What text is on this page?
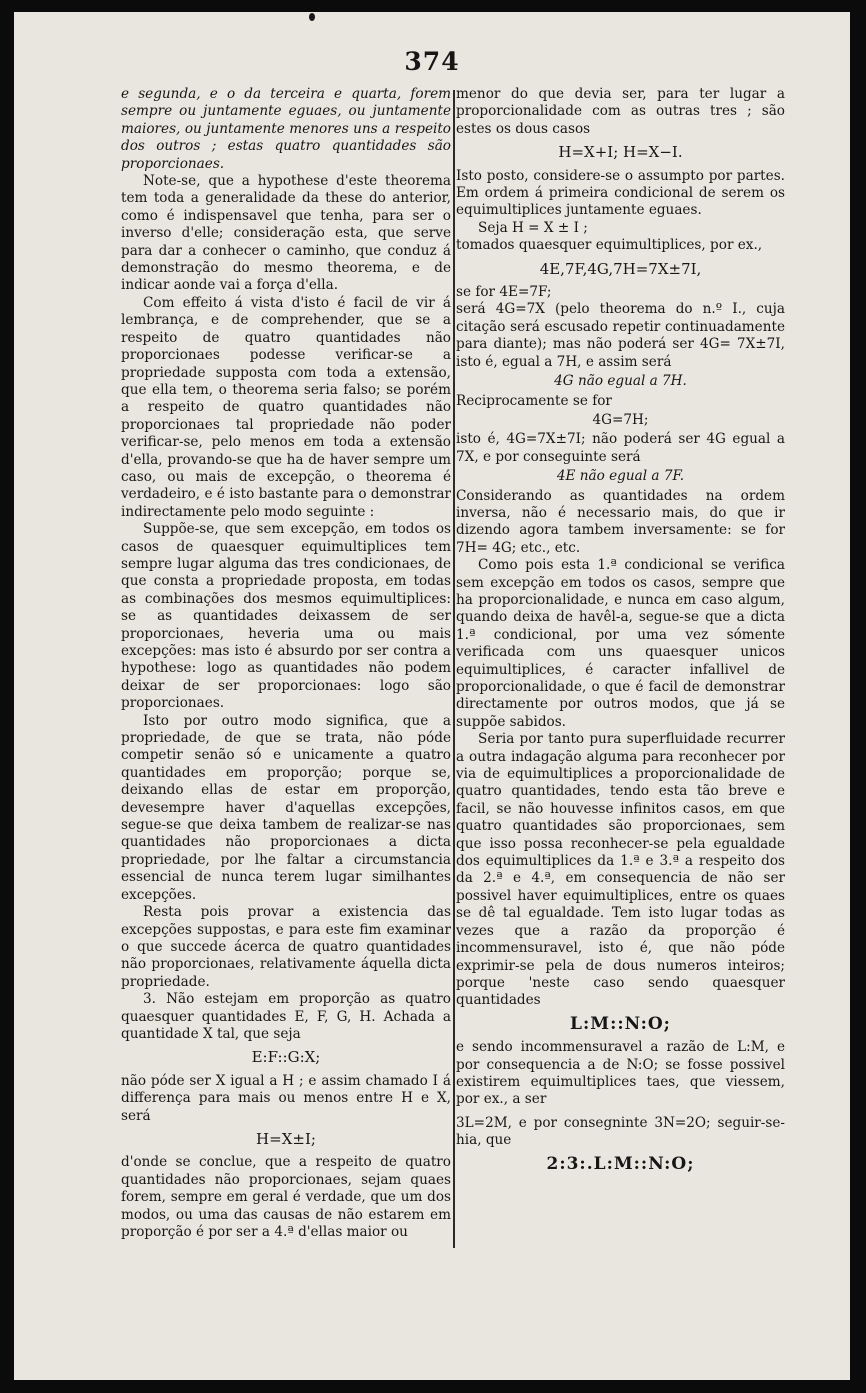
374

e segunda, e o da terceira e quarta, forem sempre ou juntamente eguaes, ou juntamente maiores, ou juntamente menores uns a respeito dos outros ; estas quatro quantidades são proporcionaes.

Note-se, que a hypothese d'este theorema tem toda a generalidade da these do anterior, como é indispensavel que tenha, para ser o inverso d'elle; consideração esta, que serve para dar a conhecer o caminho, que conduz á demonstração do mesmo theorema, e de indicar aonde vai a força d'ella.

Com effeito á vista d'isto é facil de vir á lembrança, e de comprehender, que se a respeito de quatro quantidades não proporcionaes podesse verificar-se a propriedade supposta com toda a extensão, que ella tem, o theorema seria falso; se porém a respeito de quatro quantidades não proporcionaes tal propriedade não poder verificar-se, pelo menos em toda a extensão d'ella, provando-se que ha de haver sempre um caso, ou mais de excepção, o theorema é verdadeiro, e é isto bastante para o demonstrar indirectamente pelo modo seguinte :

Suppõe-se, que sem excepção, em todos os casos de quaesquer equimultiplices tem sempre lugar alguma das tres condicionaes, de que consta a propriedade proposta, em todas as combinações dos mesmos equimultiplices: se as quantidades deixassem de ser proporcionaes, heveria uma ou mais excepções: mas isto é absurdo por ser contra a hypothese: logo as quantidades não podem deixar de ser proporcionaes: logo são proporcionaes.

Isto por outro modo significa, que a propriedade, de que se trata, não póde competir senão só e unicamente a quatro quantidades em proporção; porque se, deixando ellas de estar em proporção, devesempre haver d'aquellas excepções, segue-se que deixa tambem de realizar-se nas quantidades não proporcionaes a dicta propriedade, por lhe faltar a circumstancia essencial de nunca terem lugar similhantes excepções.

Resta pois provar a existencia das excepções suppostas, e para este fim examinar o que succede ácerca de quatro quantidades não proporcionaes, relativamente áquella dicta propriedade.

3. Não estejam em proporção as quatro quaesquer quantidades E, F, G, H. Achada a quantidade X tal, que seja

E:F::G:X;

não póde ser X igual a H ; e assim chamado I á differença para mais ou menos entre H e X, será

H=X±I;

d'onde se conclue, que a respeito de quatro quantidades não proporcionaes, sejam quaes forem, sempre em geral é verdade, que um dos modos, ou uma das causas de não estarem em proporção é por ser a 4.ª d'ellas maior ou

menor do que devia ser, para ter lugar a proporcionalidade com as outras tres ; são estes os dous casos

H=X+I; H=X−I.

Isto posto, considere-se o assumpto por partes. Em ordem á primeira condicional de serem os equimultiplices juntamente eguaes.

Seja H = X ± I ;

tomados quaesquer equimultiplices, por ex.,

4E,7F,4G,7H=7X±7I,

se for 4E=7F;

será 4G=7X (pelo theorema do n.º I., cuja citação será escusado repetir continuadamente para diante); mas não poderá ser 4G= 7X±7I, isto é, egual a 7H, e assim será

4G não egual a 7H.

Reciprocamente se for

4G=7H;

isto é, 4G=7X±7I; não poderá ser 4G egual a 7X, e por conseguinte será

4E não egual a 7F.

Considerando as quantidades na ordem inversa, não é necessario mais, do que ir dizendo agora tambem inversamente: se for 7H= 4G; etc., etc.

Como pois esta 1.ª condicional se verifica sem excepção em todos os casos, sempre que ha proporcionalidade, e nunca em caso algum, quando deixa de havêl-a, segue-se que a dicta 1.ª condicional, por uma vez sómente verificada com uns quaesquer unicos equimultiplices, é caracter infallivel de proporcionalidade, o que é facil de demonstrar directamente por outros modos, que já se suppõe sabidos.

Seria por tanto pura superfluidade recurrer a outra indagação alguma para reconhecer por via de equimultiplices a proporcionalidade de quatro quantidades, tendo esta tão breve e facil, se não houvesse infinitos casos, em que quatro quantidades são proporcionaes, sem que isso possa reconhecer-se pela egualdade dos equimultiplices da 1.ª e 3.ª a respeito dos da 2.ª e 4.ª, em consequencia de não ser possivel haver equimultiplices, entre os quaes se dê tal egualdade. Tem isto lugar todas as vezes que a razão da proporção é incommensuravel, isto é, que não póde exprimir-se pela de dous numeros inteiros; porque 'neste caso sendo quaesquer quantidades

L:M::N:O;

e sendo incommensuravel a razão de L:M, e por consequencia a de N:O; se fosse possivel existirem equimultiplices taes, que viessem, por ex., a ser

3L=2M, e por consegninte 3N=2O; seguir-se-hia, que

2:3:.L:M::N:O;
